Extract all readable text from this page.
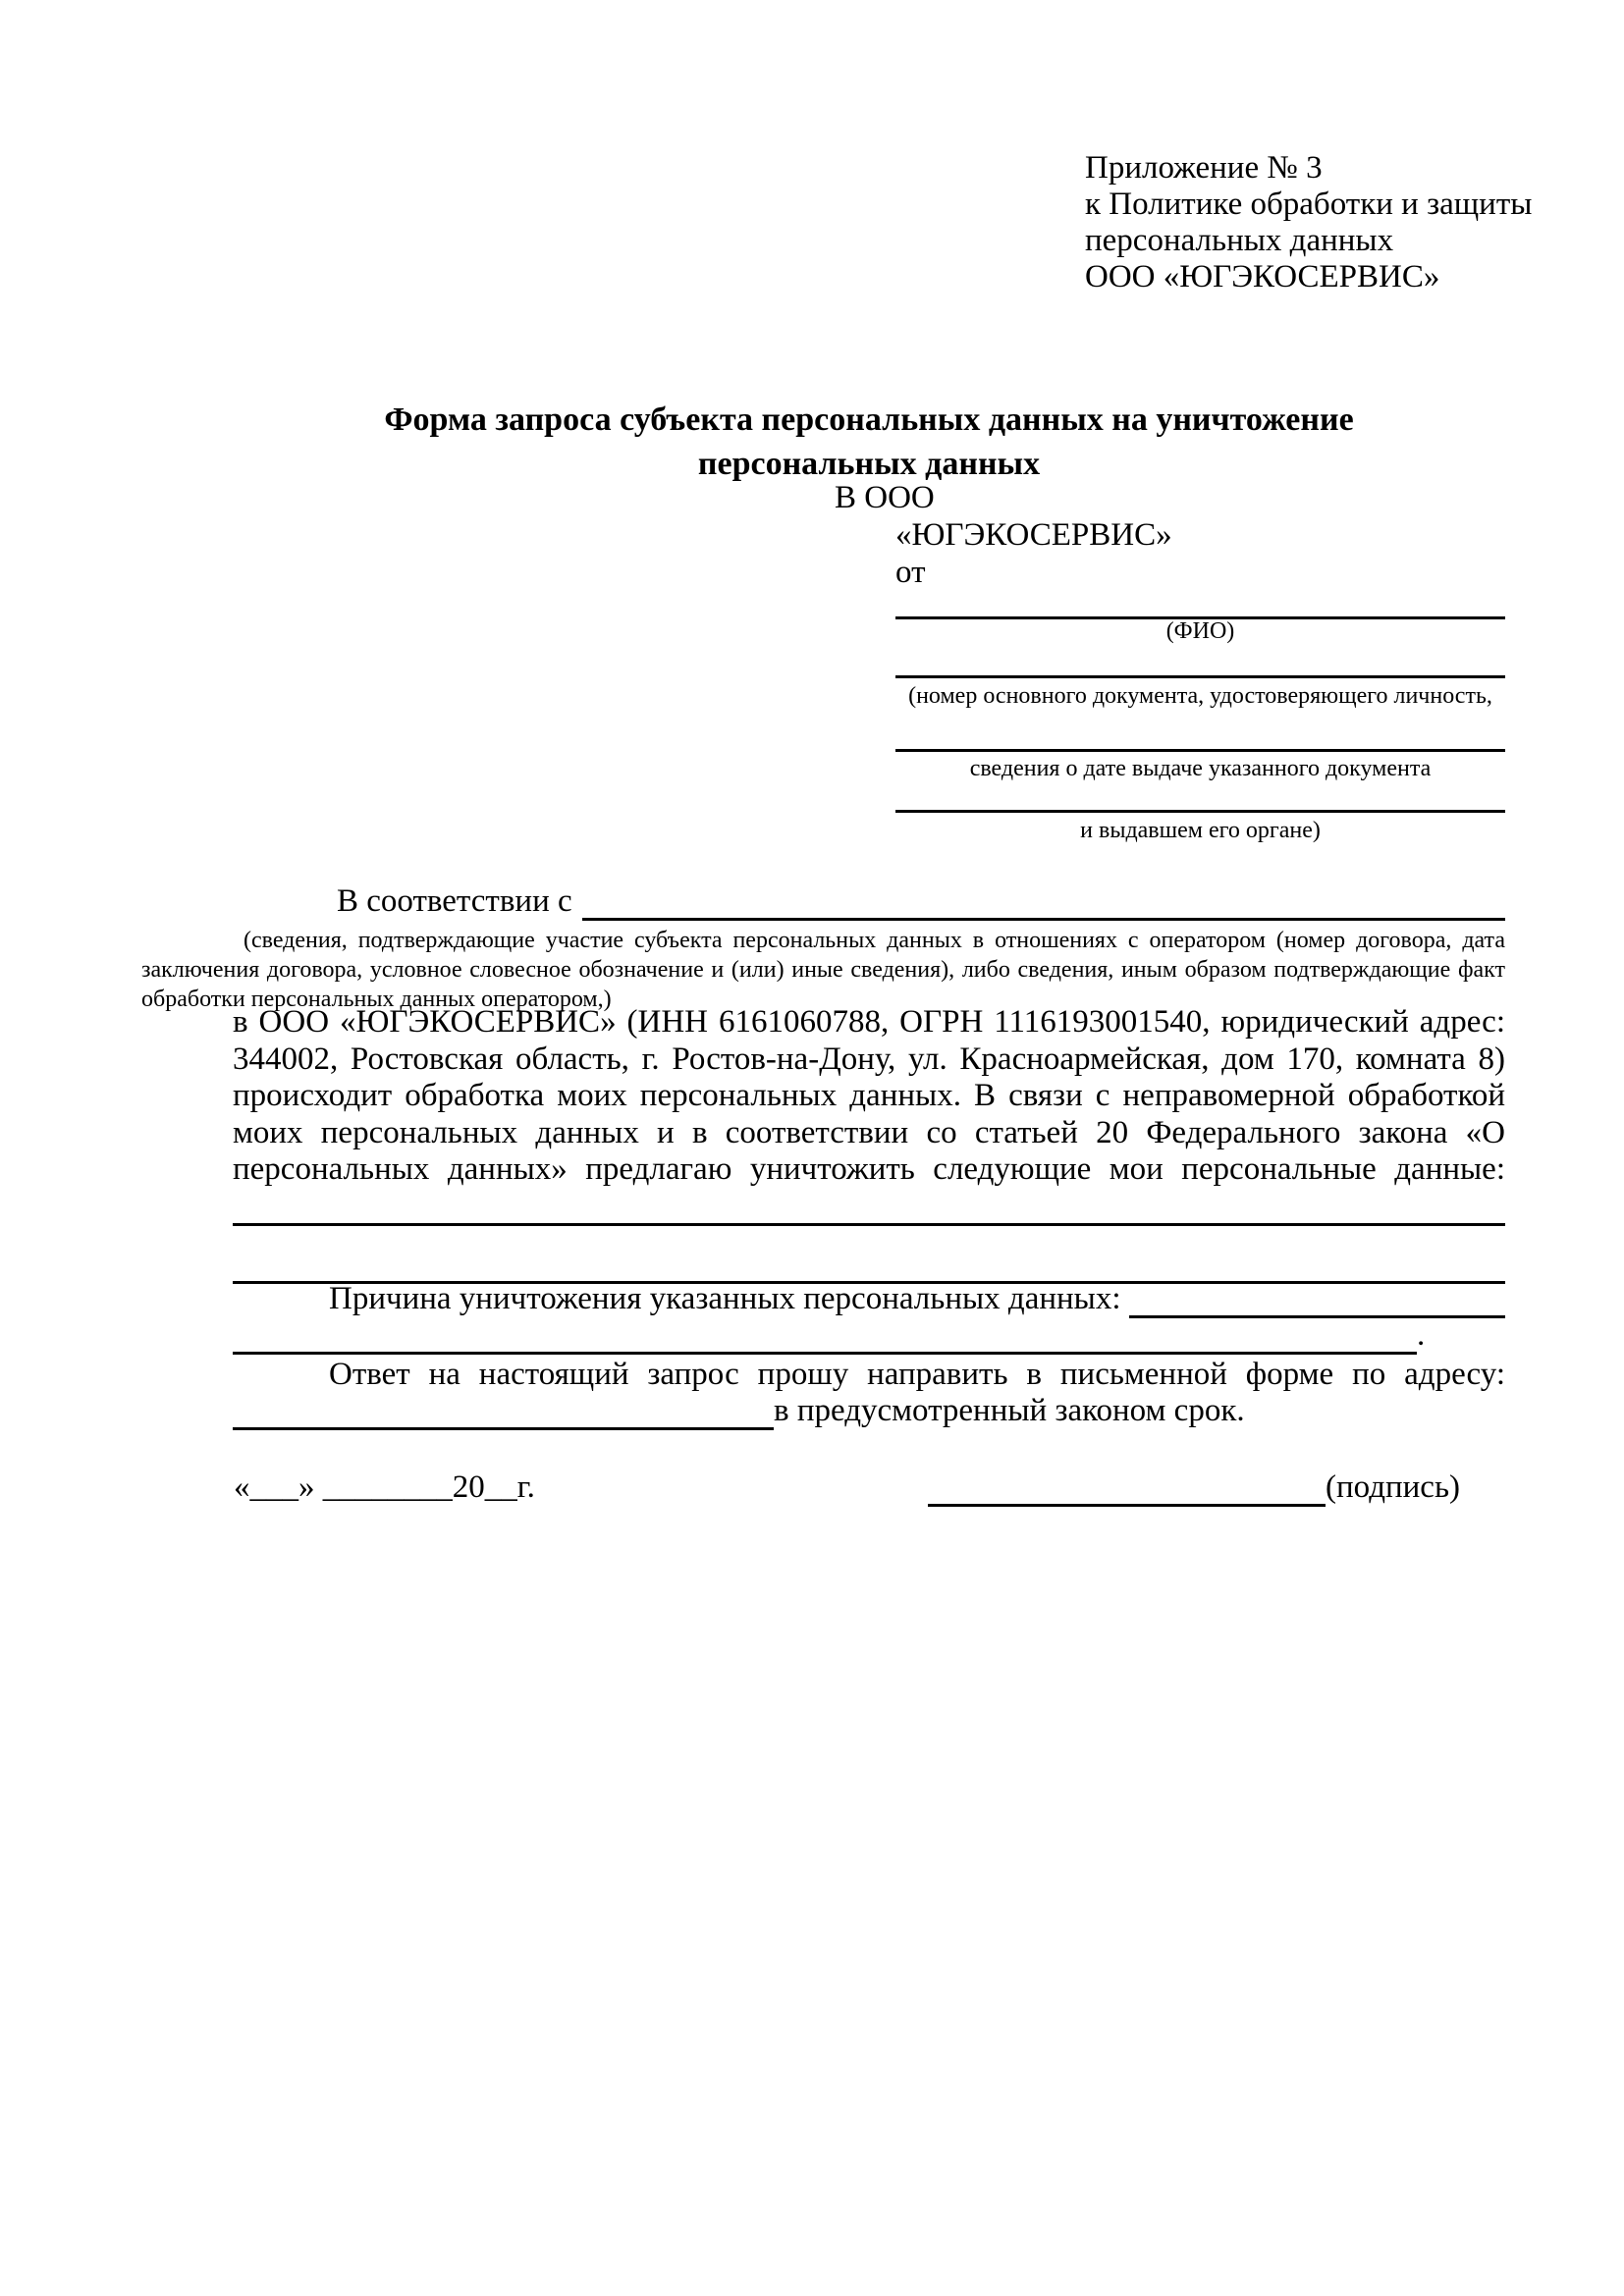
Приложение № 3
к Политике обработки и защиты
персональных данных
ООО «ЮГЭКОСЕРВИС»
Форма запроса субъекта персональных данных на уничтожение
персональных данных
В ООО
«ЮГЭКОСЕРВИС»
от
(ФИО)
(номер основного документа, удостоверяющего личность,
сведения о дате выдаче указанного документа
и выдавшем его органе)
В соответствии с
(сведения, подтверждающие участие субъекта персональных данных в отношениях с оператором (номер договора, дата
заключения договора, условное словесное обозначение и (или) иные сведения), либо сведения, иным образом подтверждающие факт
обработки персональных данных оператором,)
в ООО «ЮГЭКОСЕРВИС» (ИНН 6161060788, ОГРН 1116193001540, юридический адрес:
344002, Ростовская область, г. Ростов-на-Дону, ул. Красноармейская, дом 170, комната 8)
происходит обработка моих персональных данных. В связи с неправомерной обработкой
моих персональных данных и в соответствии со статьей 20 Федерального закона «О
персональных данных» предлагаю уничтожить следующие мои персональные данные:
Причина уничтожения указанных персональных данных:
.
Ответ на настоящий запрос прошу направить в письменной форме по адресу:
в предусмотренный законом срок.
«___» ________20__г.	(подпись)
